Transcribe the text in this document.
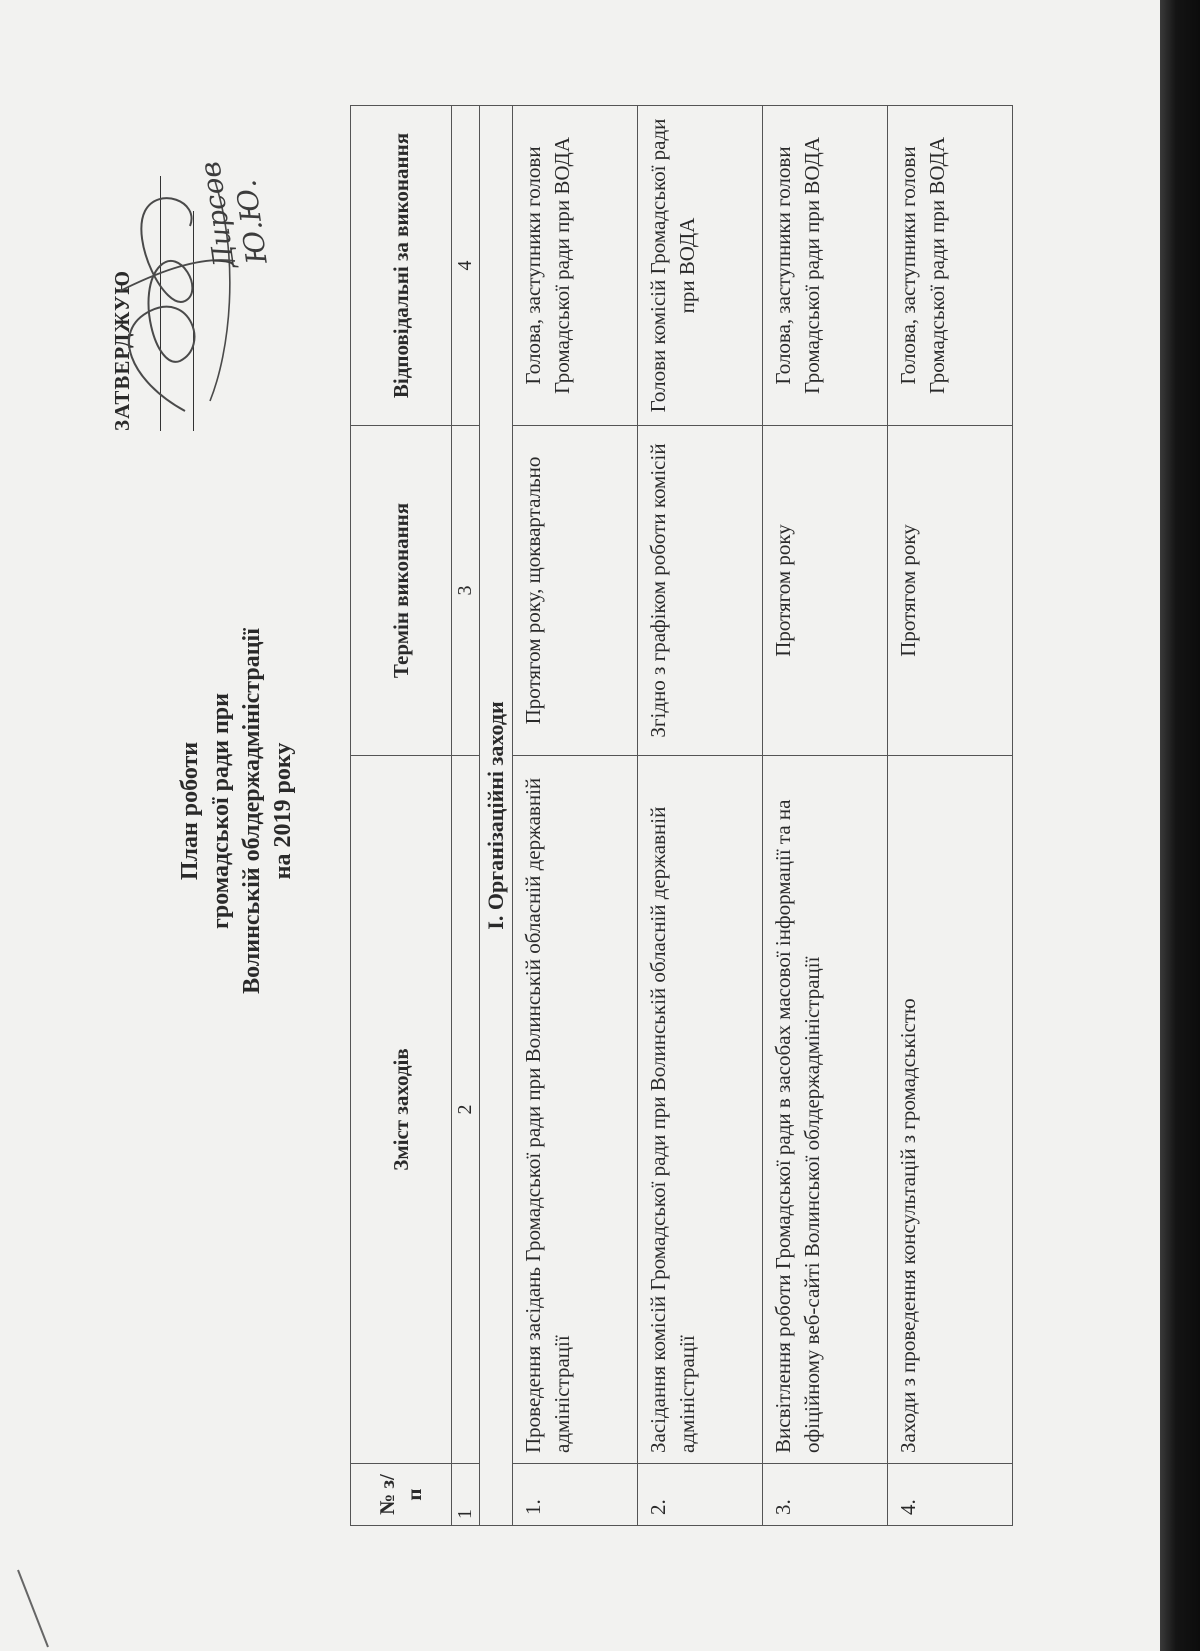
ЗАТВЕРДЖУЮ
Дирсов Ю.Ю.
План роботи громадської ради при Волинській облдержадміністрації на 2019 року
№ з/п	Зміст заходів	Термін виконання	Відповідальні за виконання
1	2	3	4
І. Організаційні заходи			
1.	Проведення засідань Громадської ради при Волинській обласній державній адміністрації	Протягом року, щоквартально	Голова, заступники голови Громадської ради при ВОДА
2.	Засідання комісій Громадської ради при Волинській обласній державній адміністрації	Згідно з графіком роботи комісій	Голови комісій Громадської ради при ВОДА
3.	Висвітлення роботи Громадської ради в засобах масової інформації та на офіційному веб-сайті Волинської облдержадміністрації	Протягом року	Голова, заступники голови Громадської ради при ВОДА
4.	Заходи з проведення консультацій з громадськістю	Протягом року	Голова, заступники голови Громадської ради при ВОДА
